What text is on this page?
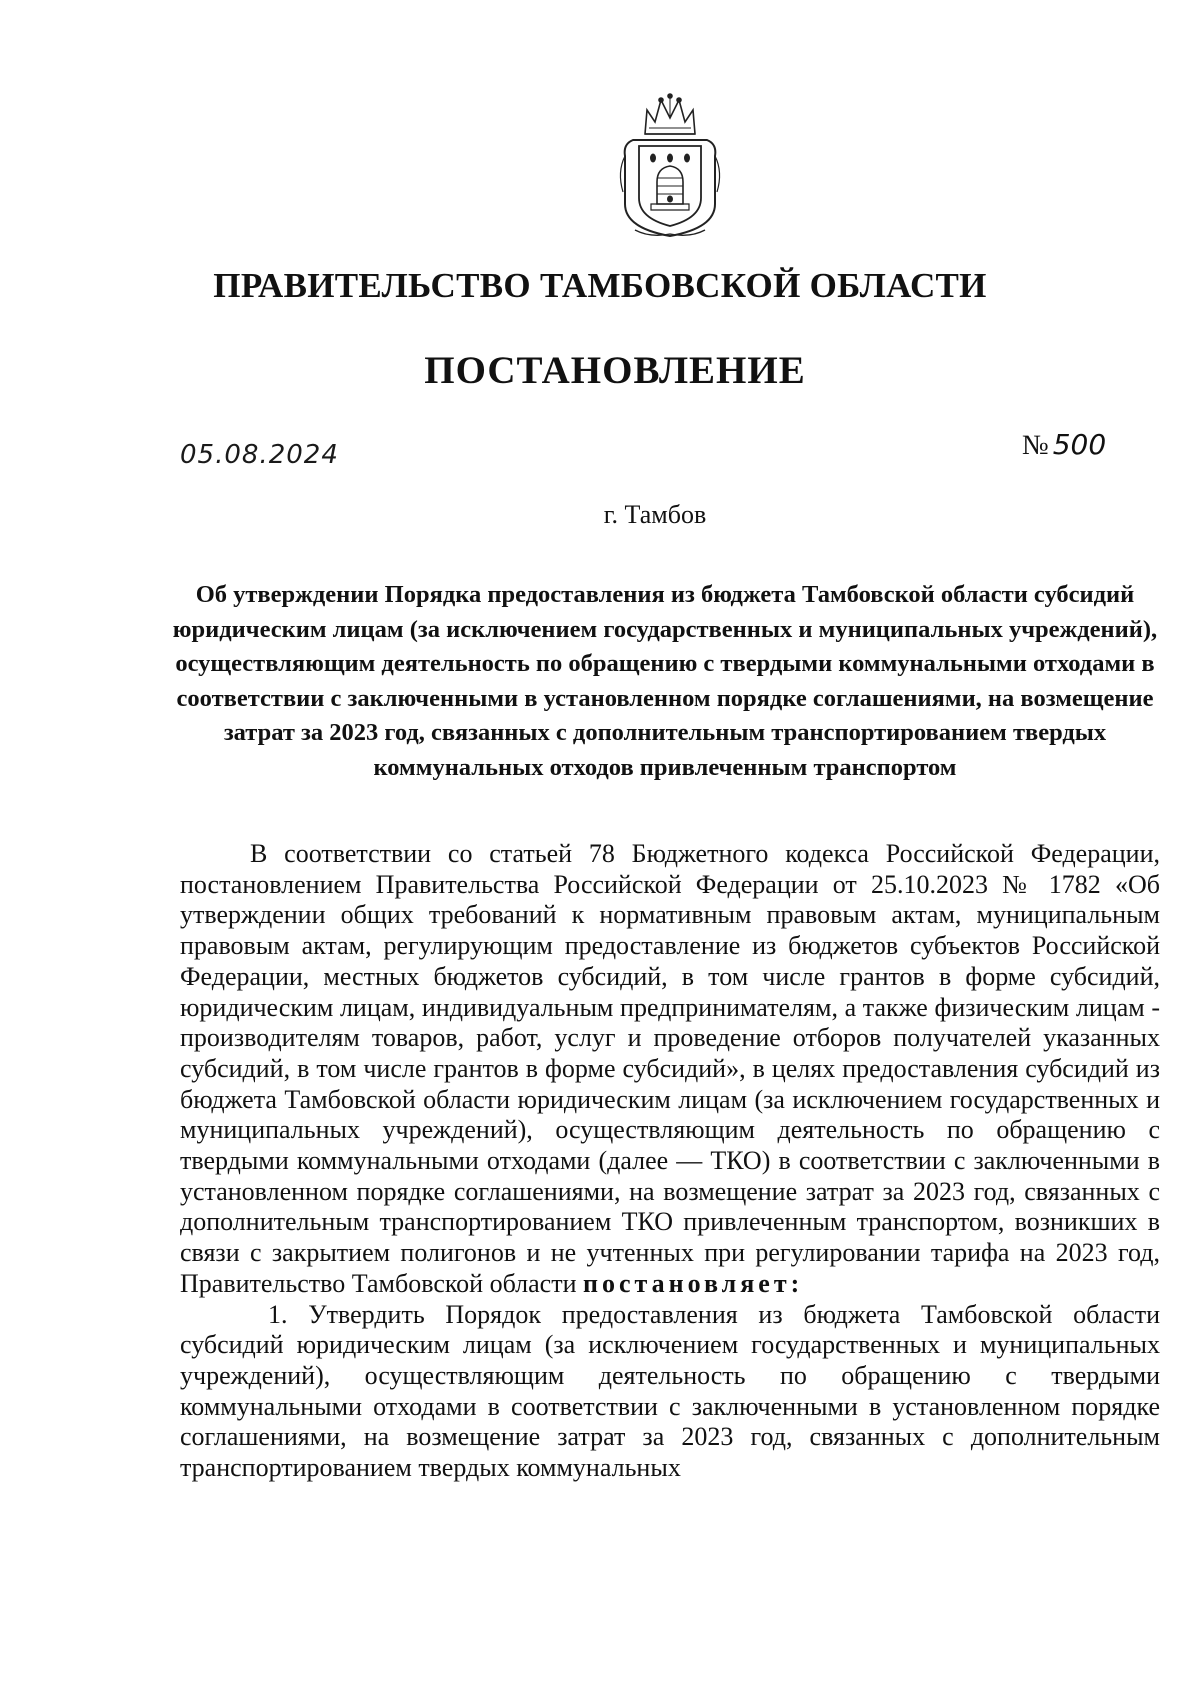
ПРАВИТЕЛЬСТВО ТАМБОВСКОЙ ОБЛАСТИ
ПОСТАНОВЛЕНИЕ
05.08.2024	№ 500
г. Тамбов
Об утверждении Порядка предоставления из бюджета Тамбовской области субсидий юридическим лицам (за исключением государственных и муниципальных учреждений), осуществляющим деятельность по обращению с твердыми коммунальными отходами в соответствии с заключенными в установленном порядке соглашениями, на возмещение затрат за 2023 год, связанных с дополнительным транспортированием твердых коммунальных отходов привлеченным транспортом

В соответствии со статьей 78 Бюджетного кодекса Российской Федерации, постановлением Правительства Российской Федерации от 25.10.2023 № 1782 «Об утверждении общих требований к нормативным правовым актам, муниципальным правовым актам, регулирующим предоставление из бюджетов субъектов Российской Федерации, местных бюджетов субсидий, в том числе грантов в форме субсидий, юридическим лицам, индивидуальным предпринимателям, а также физическим лицам - производителям товаров, работ, услуг и проведение отборов получателей указанных субсидий, в том числе грантов в форме субсидий», в целях предоставления субсидий из бюджета Тамбовской области юридическим лицам (за исключением государственных и муниципальных учреждений), осуществляющим деятельность по обращению с твердыми коммунальными отходами (далее — ТКО) в соответствии с заключенными в установленном порядке соглашениями, на возмещение затрат за 2023 год, связанных с дополнительным транспортированием ТКО привлеченным транспортом, возникших в связи с закрытием полигонов и не учтенных при регулировании тарифа на 2023 год, Правительство Тамбовской области постановляет:

1. Утвердить Порядок предоставления из бюджета Тамбовской области субсидий юридическим лицам (за исключением государственных и муниципальных учреждений), осуществляющим деятельность по обращению с твердыми коммунальными отходами в соответствии с заключенными в установленном порядке соглашениями, на возмещение затрат за 2023 год, связанных с дополнительным транспортированием твердых коммунальных
